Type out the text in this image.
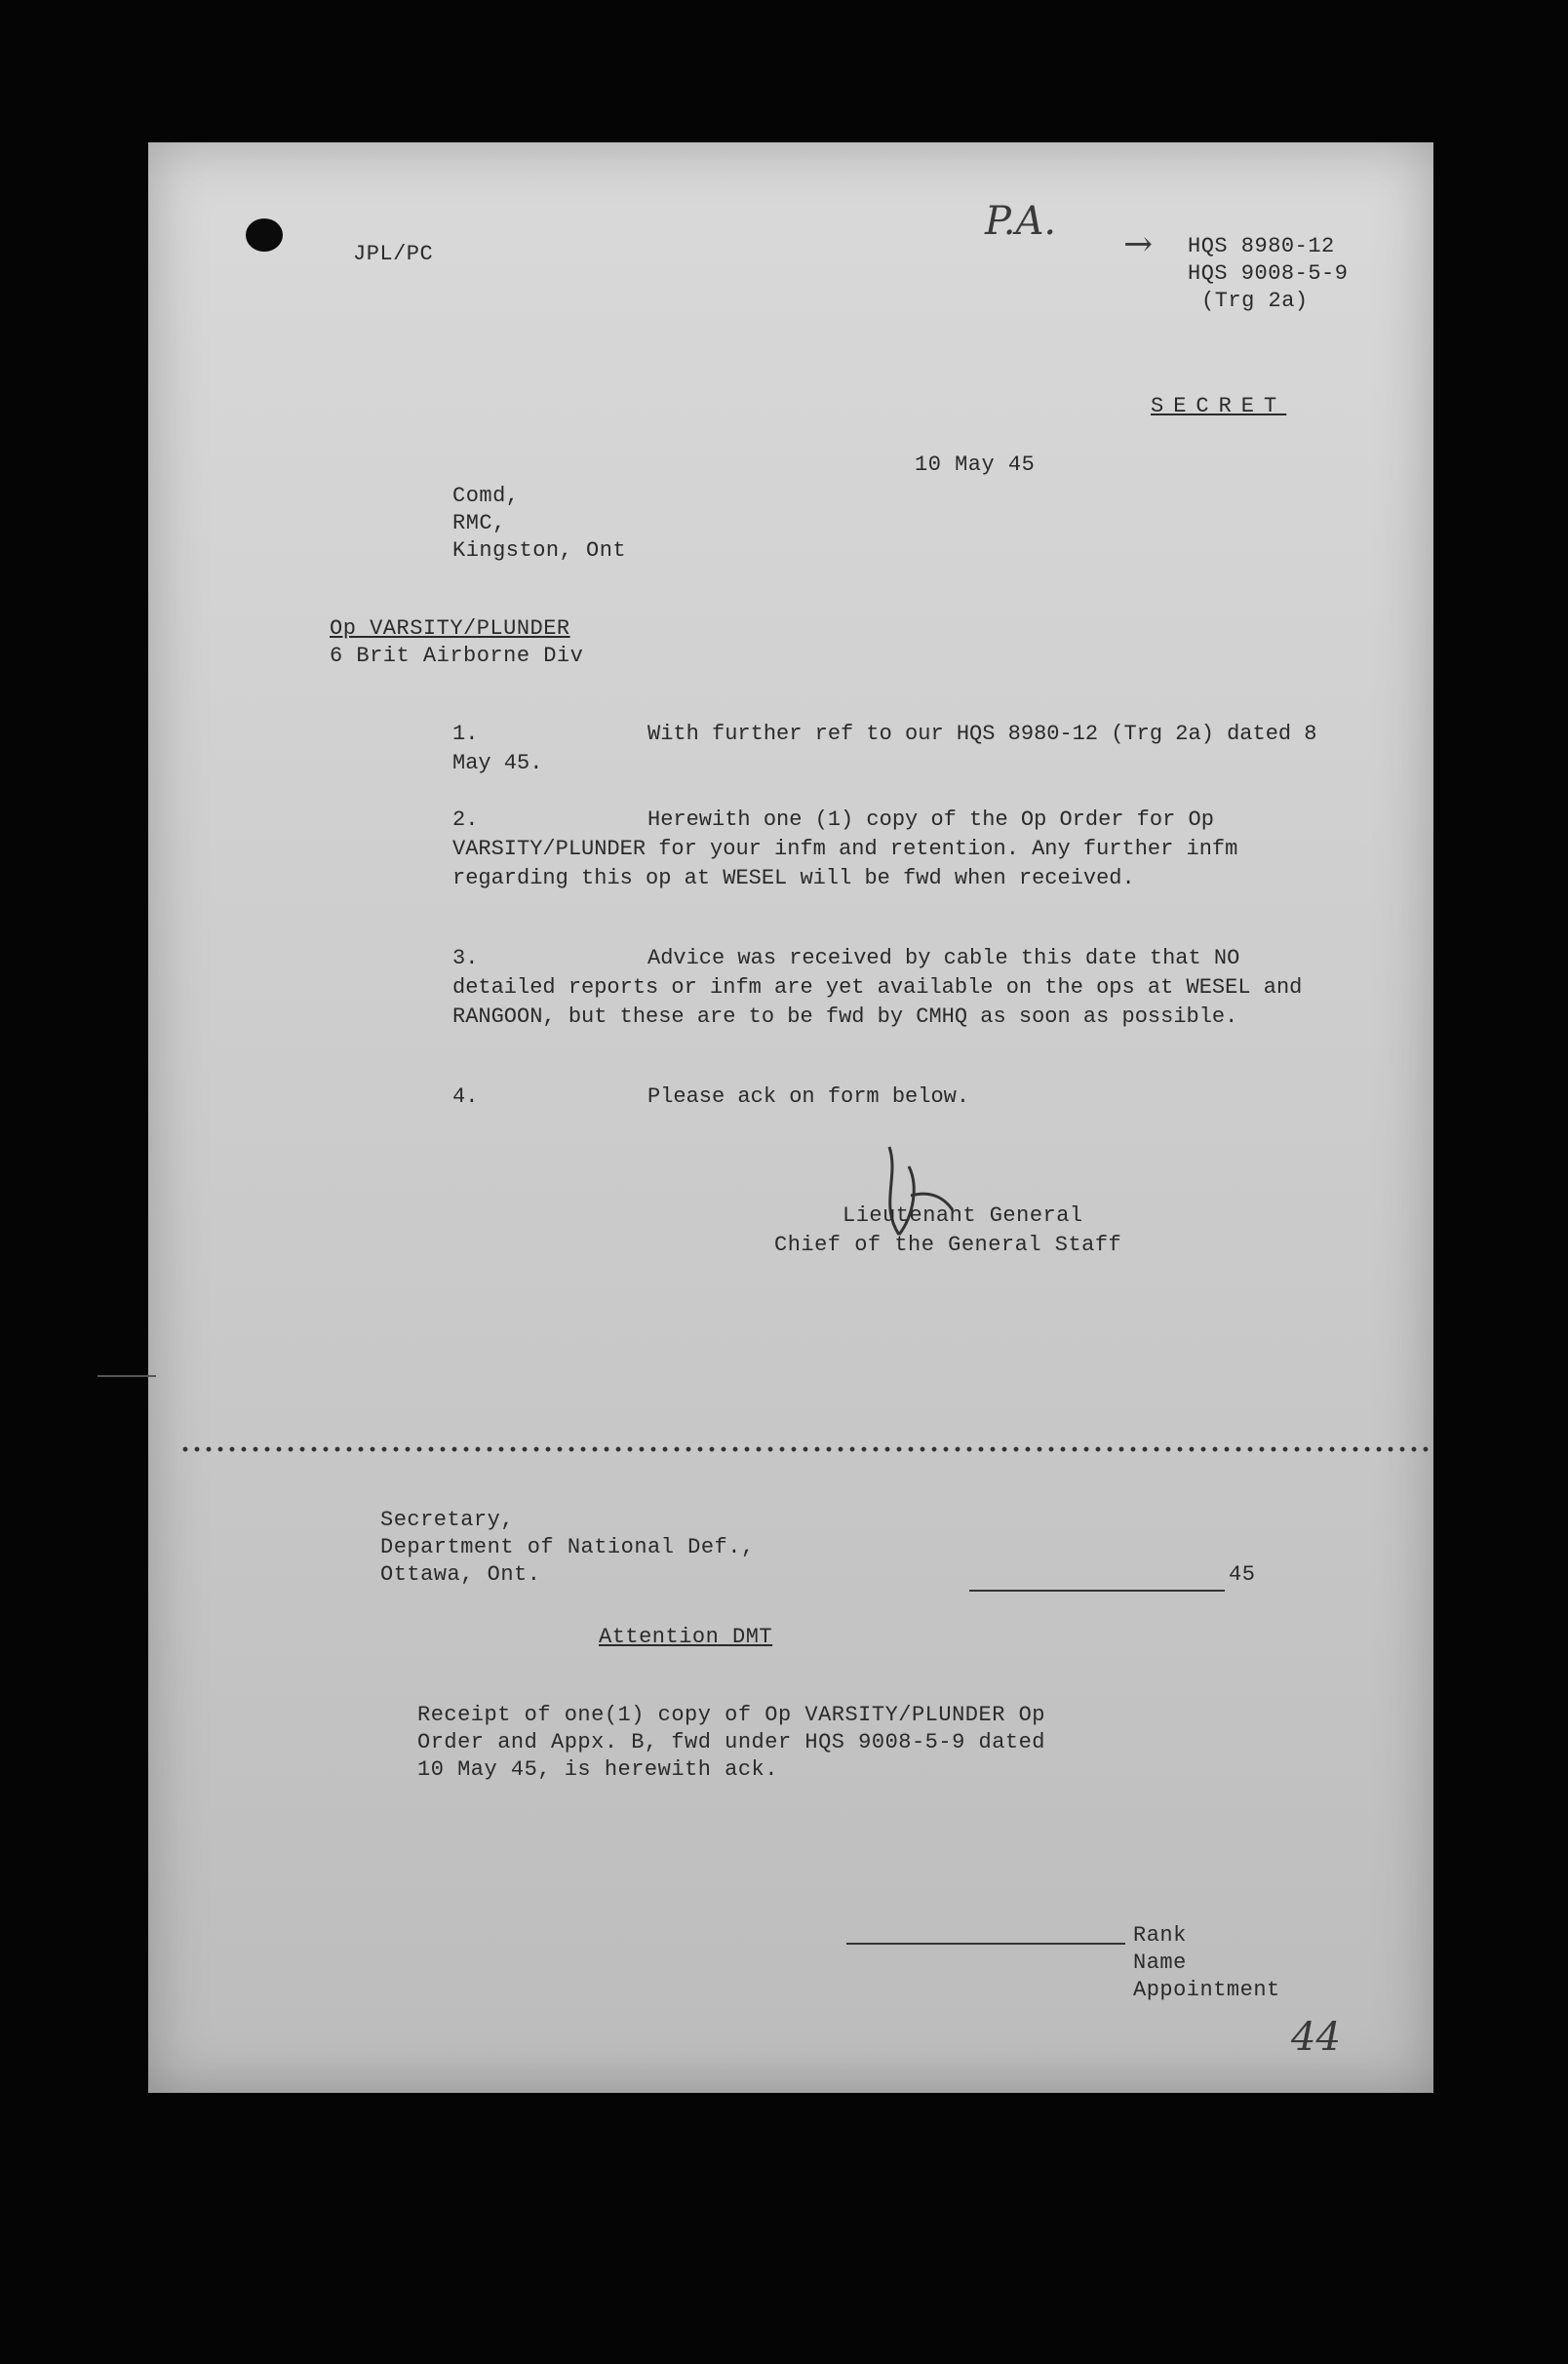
JPL/PC
P.A.
→ HQS 8980-12
HQS 9008-5-9
(Trg 2a)
SECRET
10 May 45
Comd,
RMC,
Kingston, Ont
Op VARSITY/PLUNDER
6 Brit Airborne Div
1.	With further ref to our HQS 8980-12 (Trg 2a) dated 8 May 45.
2.	Herewith one (1) copy of the Op Order for Op VARSITY/PLUNDER for your infm and retention. Any further infm regarding this op at WESEL will be fwd when received.
3.	Advice was received by cable this date that NO detailed reports or infm are yet available on the ops at WESEL and RANGOON, but these are to be fwd by CMHQ as soon as possible.
4.	Please ack on form below.
Lieutenant General
Chief of the General Staff
Secretary,
Department of National Def.,
Ottawa, Ont.	45
Attention DMT
Receipt of one(1) copy of Op VARSITY/PLUNDER Op
Order and Appx. B, fwd under HQS 9008-5-9 dated
10 May 45, is herewith ack.
Rank
Name
Appointment
44
